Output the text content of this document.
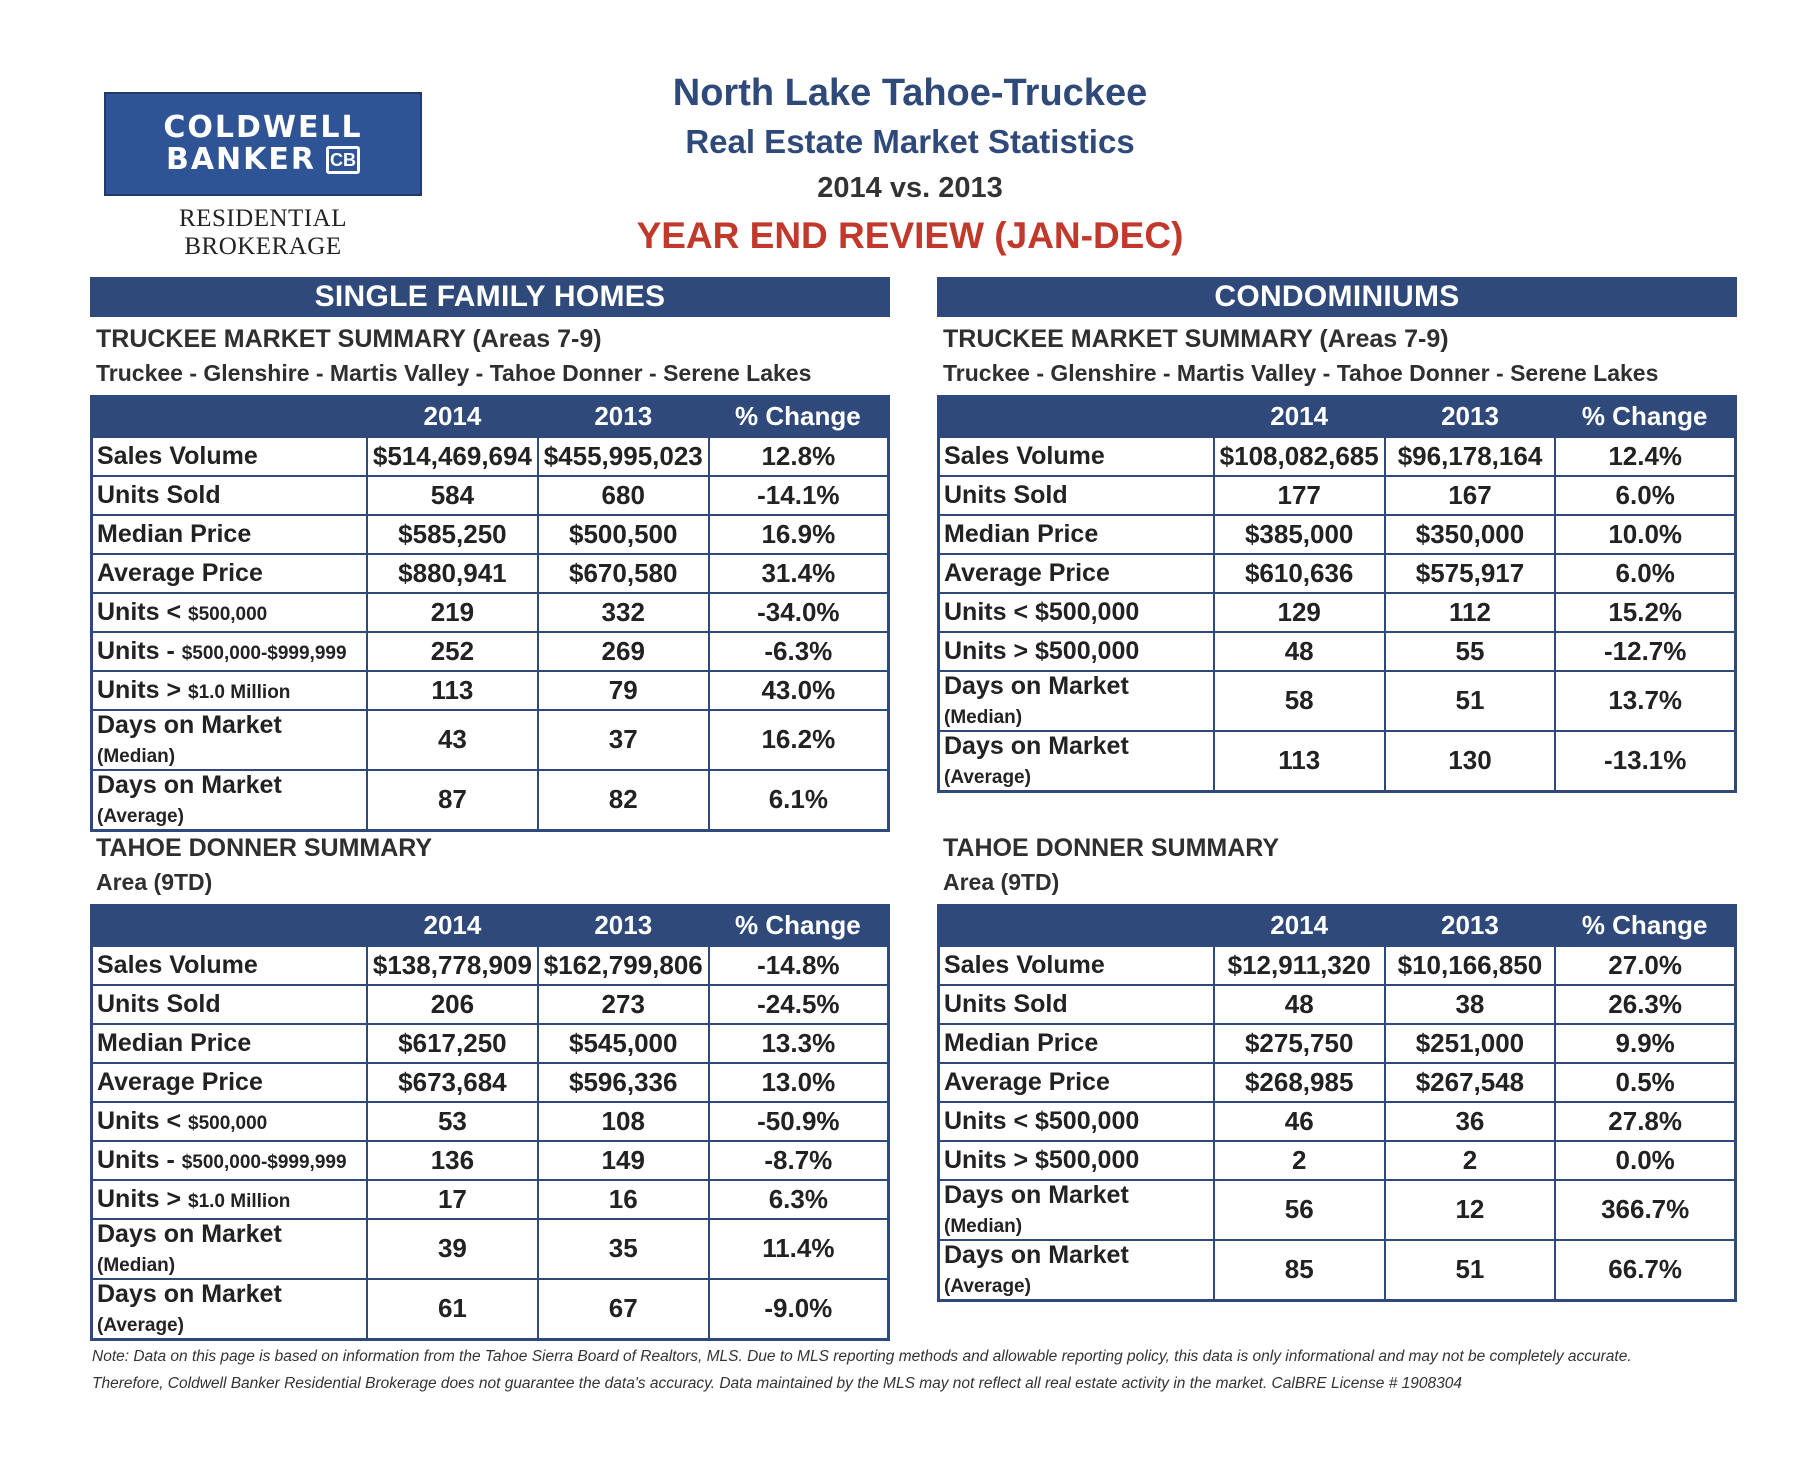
COLDWELL
BANKER CB
RESIDENTIAL BROKERAGE
North Lake Tahoe-Truckee
Real Estate Market Statistics
2014 vs. 2013
YEAR END REVIEW (JAN-DEC)
SINGLE FAMILY HOMES
TRUCKEE MARKET SUMMARY (Areas 7-9)
Truckee - Glenshire - Martis Valley - Tahoe Donner - Serene Lakes
	2014	2013	% Change
Sales Volume	$514,469,694	$455,995,023	12.8%
Units Sold	584	680	-14.1%
Median Price	$585,250	$500,500	16.9%
Average Price	$880,941	$670,580	31.4%
Units < $500,000	219	332	-34.0%
Units - $500,000-$999,999	252	269	-6.3%
Units > $1.0 Million	113	79	43.0%
Days on Market (Median)	43	37	16.2%
Days on Market (Average)	87	82	6.1%
CONDOMINIUMS
TRUCKEE MARKET SUMMARY (Areas 7-9)
Truckee - Glenshire - Martis Valley - Tahoe Donner - Serene Lakes
	2014	2013	% Change
Sales Volume	$108,082,685	$96,178,164	12.4%
Units Sold	177	167	6.0%
Median Price	$385,000	$350,000	10.0%
Average Price	$610,636	$575,917	6.0%
Units < $500,000	129	112	15.2%
Units > $500,000	48	55	-12.7%
Days on Market (Median)	58	51	13.7%
Days on Market (Average)	113	130	-13.1%
TAHOE DONNER SUMMARY
Area (9TD)
	2014	2013	% Change
Sales Volume	$138,778,909	$162,799,806	-14.8%
Units Sold	206	273	-24.5%
Median Price	$617,250	$545,000	13.3%
Average Price	$673,684	$596,336	13.0%
Units < $500,000	53	108	-50.9%
Units - $500,000-$999,999	136	149	-8.7%
Units > $1.0 Million	17	16	6.3%
Days on Market (Median)	39	35	11.4%
Days on Market (Average)	61	67	-9.0%
TAHOE DONNER SUMMARY
Area (9TD)
	2014	2013	% Change
Sales Volume	$12,911,320	$10,166,850	27.0%
Units Sold	48	38	26.3%
Median Price	$275,750	$251,000	9.9%
Average Price	$268,985	$267,548	0.5%
Units < $500,000	46	36	27.8%
Units > $500,000	2	2	0.0%
Days on Market (Median)	56	12	366.7%
Days on Market (Average)	85	51	66.7%
Note: Data on this page is based on information from the Tahoe Sierra Board of Realtors, MLS. Due to MLS reporting methods and allowable reporting policy, this data is only informational and may not be completely accurate.
Therefore, Coldwell Banker Residential Brokerage does not guarantee the data's accuracy. Data maintained by the MLS may not reflect all real estate activity in the market. CalBRE License # 1908304
